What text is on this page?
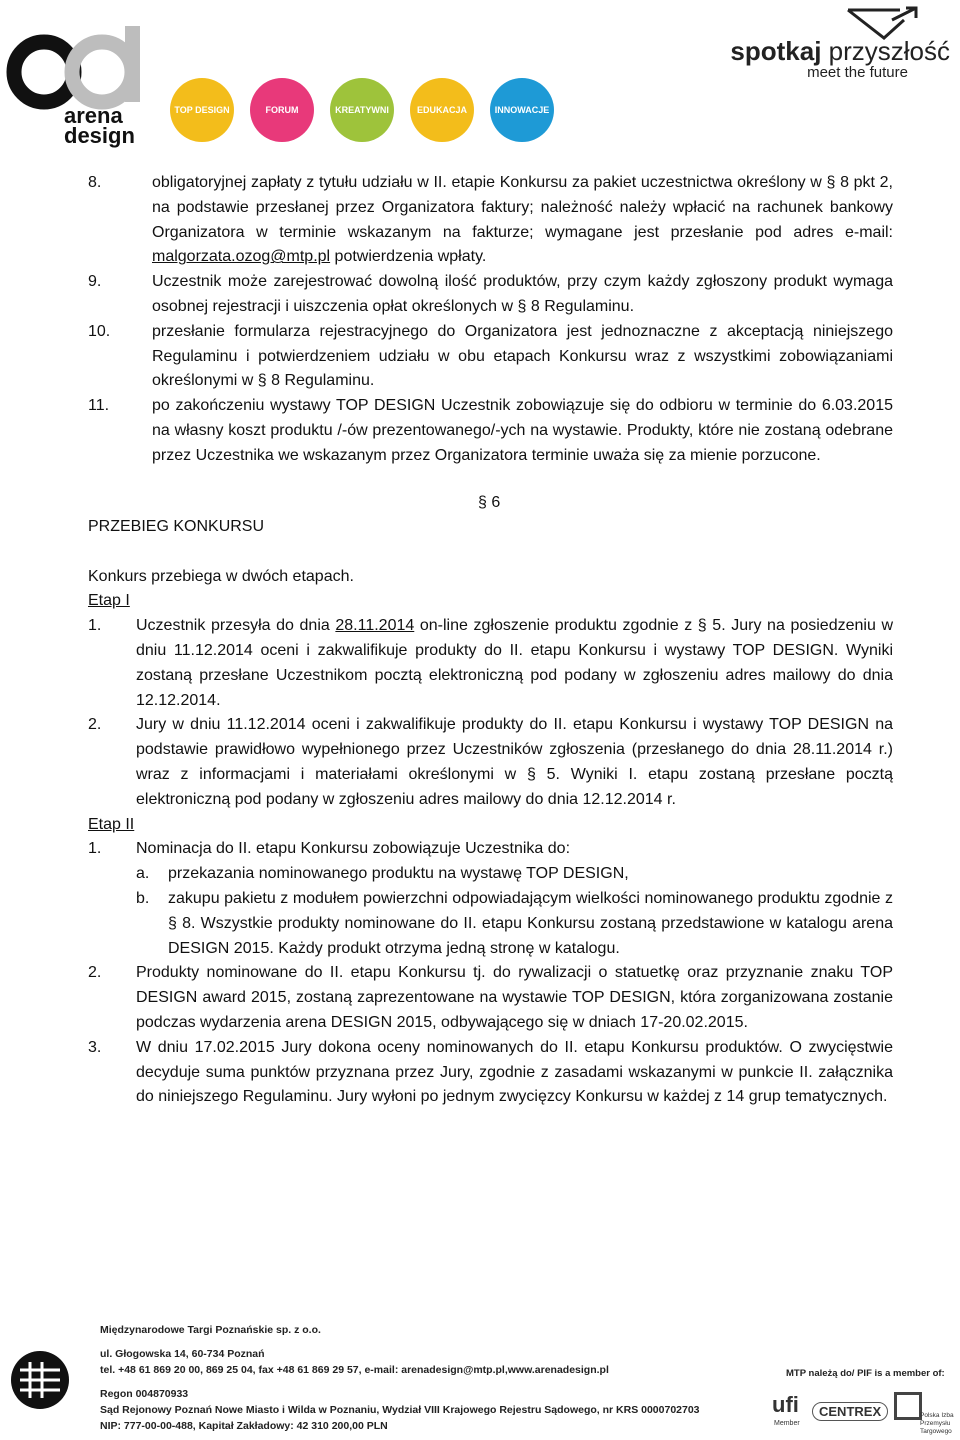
arena
design
TOP DESIGN	FORUM	KREATYWNI	EDUKACJA	INNOWACJE
spotkaj przyszłość
meet the future
8.	obligatoryjnej zapłaty z tytułu udziału w II. etapie Konkursu za pakiet uczestnictwa określony w § 8 pkt 2, na podstawie przesłanej przez Organizatora faktury; należność należy wpłacić na rachunek bankowy Organizatora w terminie wskazanym na fakturze; wymagane jest przesłanie pod adres e-mail: malgorzata.ozog@mtp.pl potwierdzenia wpłaty.
9.	Uczestnik może zarejestrować dowolną ilość produktów, przy czym każdy zgłoszony produkt wymaga osobnej rejestracji i uiszczenia opłat określonych w § 8 Regulaminu.
10.	przesłanie formularza rejestracyjnego do Organizatora jest jednoznaczne z akceptacją niniejszego Regulaminu i potwierdzeniem udziału w obu etapach Konkursu wraz z wszystkimi zobowiązaniami określonymi w § 8 Regulaminu.
11.	po zakończeniu wystawy TOP DESIGN Uczestnik zobowiązuje się do odbioru w terminie do 6.03.2015 na własny koszt produktu /-ów prezentowanego/-ych na wystawie. Produkty, które nie zostaną odebrane przez Uczestnika we wskazanym przez Organizatora terminie uważa się za mienie porzucone.
§ 6
PRZEBIEG KONKURSU
Konkurs przebiega w dwóch etapach.
Etap I
1.	Uczestnik przesyła do dnia 28.11.2014 on-line zgłoszenie produktu zgodnie z § 5. Jury na posiedzeniu w dniu 11.12.2014 oceni i zakwalifikuje produkty do II. etapu Konkursu i wystawy TOP DESIGN. Wyniki zostaną przesłane Uczestnikom pocztą elektroniczną pod podany w zgłoszeniu adres mailowy do dnia 12.12.2014.
2.	Jury w dniu 11.12.2014 oceni i zakwalifikuje produkty do II. etapu Konkursu i wystawy TOP DESIGN na podstawie prawidłowo wypełnionego przez Uczestników zgłoszenia (przesłanego do dnia 28.11.2014 r.) wraz z informacjami i materiałami określonymi w § 5. Wyniki I. etapu zostaną przesłane pocztą elektroniczną pod podany w zgłoszeniu adres mailowy do dnia 12.12.2014 r.
Etap II
1.	Nominacja do II. etapu Konkursu zobowiązuje Uczestnika do:
a.	przekazania nominowanego produktu na wystawę TOP DESIGN,
b.	zakupu pakietu z modułem powierzchni odpowiadającym wielkości nominowanego produktu zgodnie z § 8. Wszystkie produkty nominowane do II. etapu Konkursu zostaną przedstawione w katalogu arena DESIGN 2015. Każdy produkt otrzyma jedną stronę w katalogu.
2.	Produkty nominowane do II. etapu Konkursu tj. do rywalizacji o statuetkę oraz przyznanie znaku TOP DESIGN award 2015, zostaną zaprezentowane na wystawie TOP DESIGN, która zorganizowana zostanie podczas wydarzenia arena DESIGN 2015, odbywającego się w dniach 17-20.02.2015.
3.	W dniu 17.02.2015 Jury dokona oceny nominowanych do II. etapu Konkursu produktów. O zwycięstwie decyduje suma punktów przyznana przez Jury, zgodnie z zasadami wskazanymi w punkcie II. załącznika do niniejszego Regulaminu. Jury wyłoni po jednym zwycięzcy Konkursu w każdej z 14 grup tematycznych.
Międzynarodowe Targi Poznańskie sp. z o.o.
ul. Głogowska 14, 60-734 Poznań
tel. +48 61 869 20 00, 869 25 04, fax +48 61 869 29 57, e-mail: arenadesign@mtp.pl,www.arenadesign.pl
Regon 004870933
Sąd Rejonowy Poznań Nowe Miasto i Wilda w Poznaniu, Wydział VIII Krajowego Rejestru Sądowego, nr KRS 0000702703
NIP: 777-00-00-488, Kapitał Zakładowy: 42 310 200,00 PLN
MTP należą do/ PIF is a member of:
ufi
Member
CENTREX	Polska Izba
Przemysłu
Targowego
